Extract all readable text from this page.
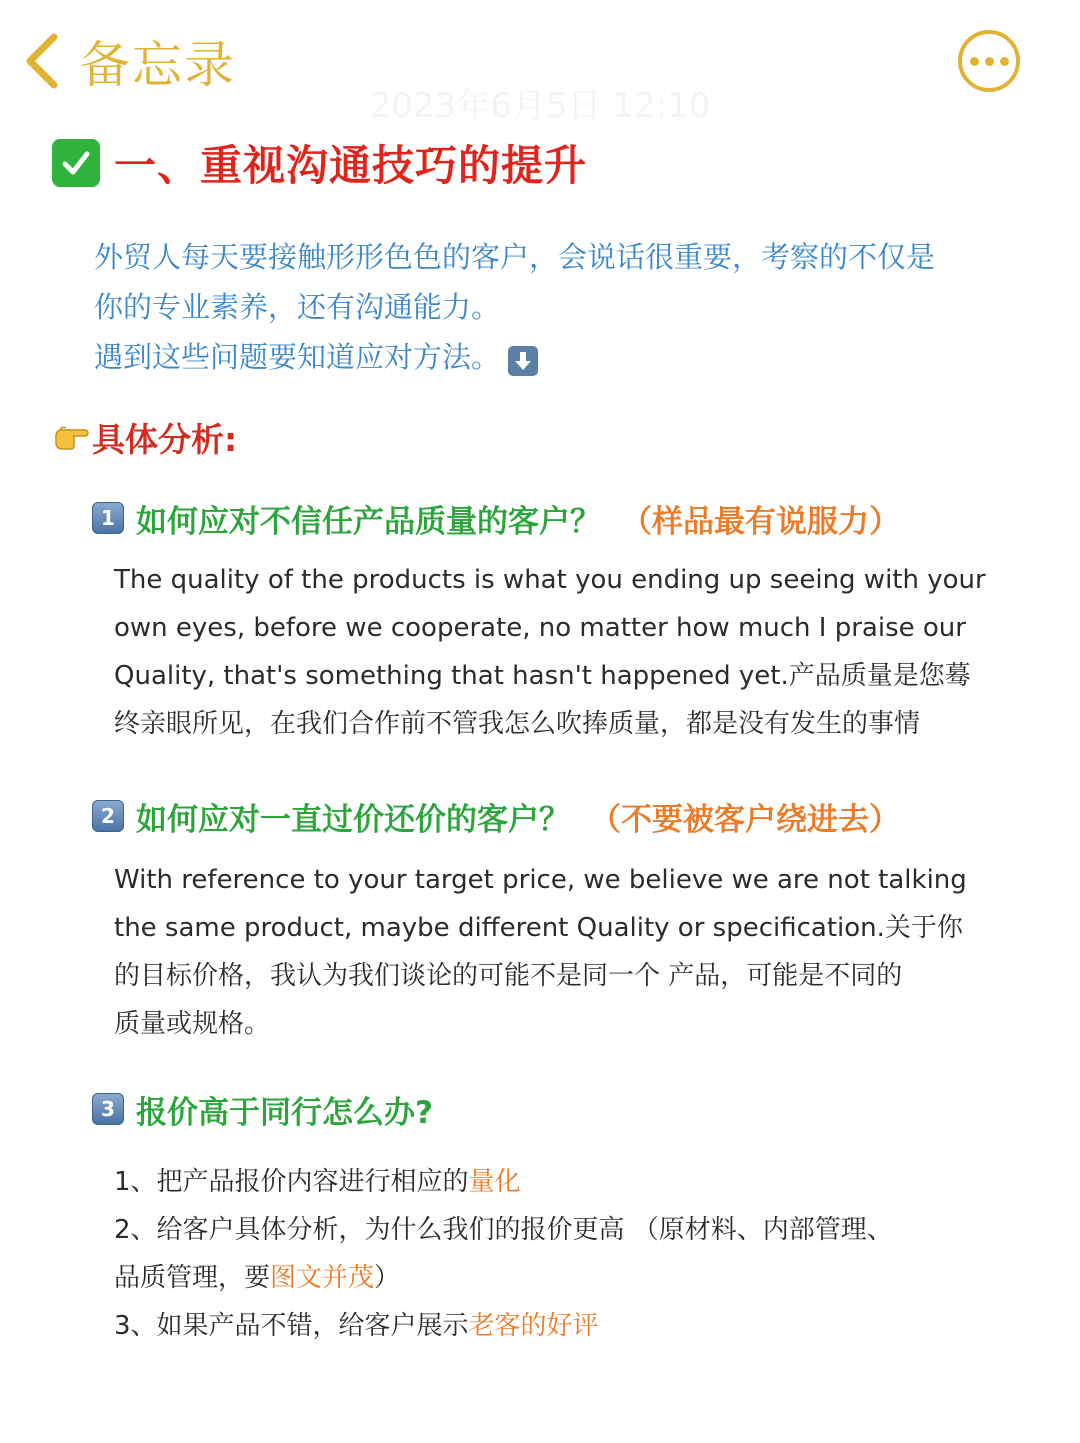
备忘录
2023年6月5日 12:10
一、重视沟通技巧的提升
外贸人每天要接触形形色色的客户，会说话很重要，考察的不仅是
你的专业素养，还有沟通能力。
遇到这些问题要知道应对方法。
具体分析:
1 如何应对不信任产品质量的客户？ （样品最有说服力）
The quality of the products is what you ending up seeing with your
own eyes, before we cooperate, no matter how much I praise our
Quality, that's something that hasn't happened yet.产品质量是您蓦
终亲眼所见，在我们合作前不管我怎么吹捧质量，都是没有发生的事情
2 如何应对一直过价还价的客户？ （不要被客户绕进去）
With reference to your target price, we believe we are not talking
the same product, maybe different Quality or specification.关于你
的目标价格，我认为我们谈论的可能不是同一个 产品，可能是不同的
质量或规格。
3 报价高于同行怎么办?
1、把产品报价内容进行相应的量化
2、给客户具体分析，为什么我们的报价更高 （原材料、内部管理、
品质管理，要图文并茂）
3、如果产品不错，给客户展示老客的好评
